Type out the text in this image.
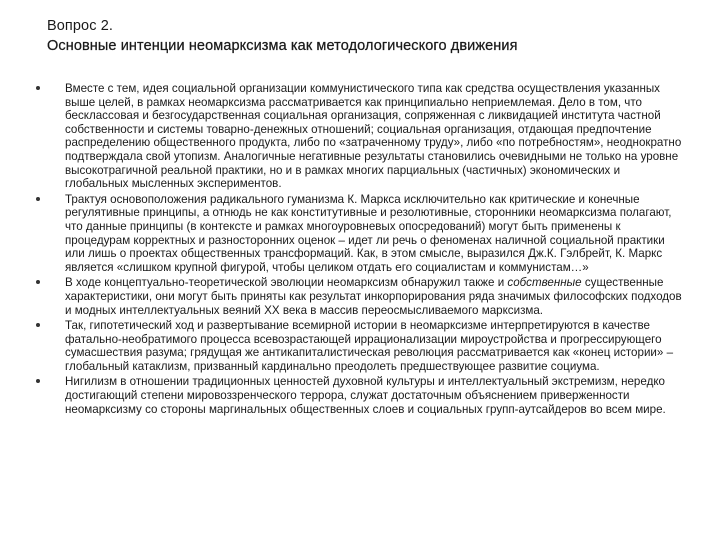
Вопрос 2.
Основные интенции неомарксизма как методологического движения
Вместе с тем, идея социальной организации коммунистического типа как средства осуществления указанных выше целей, в рамках неомарксизма рассматривается как принципиально неприемлемая. Дело в том, что бесклассовая и безгосударственная социальная организация, сопряженная с ликвидацией института частной собственности и системы товарно-денежных отношений; социальная организация, отдающая предпочтение распределению общественного продукта, либо по «затраченному труду», либо «по потребностям», неоднократно подтверждала свой утопизм. Аналогичные негативные результаты становились очевидными не только на уровне высокотрагичной реальной практики, но и в рамках многих парциальных (частичных) экономических и глобальных мысленных экспериментов.
Трактуя основоположения радикального гуманизма К. Маркса исключительно как критические и конечные регулятивные принципы, а отнюдь не как конститутивные и резолютивные, сторонники неомарксизма полагают, что данные принципы (в контексте и рамках многоуровневых опосредований) могут быть применены к процедурам корректных и разносторонних оценок – идет ли речь о феноменах наличной социальной практики или лишь о проектах общественных трансформаций. Как, в этом смысле, выразился Дж.К. Гэлбрейт, К. Маркс является «слишком крупной фигурой, чтобы целиком отдать его социалистам и коммунистам…»
В ходе концептуально-теоретической эволюции неомарксизм обнаружил также и собственные существенные характеристики, они могут быть приняты как результат инкорпорирования ряда значимых философских подходов и модных интеллектуальных веяний XX века в массив переосмысливаемого марксизма.
Так, гипотетический ход и развертывание всемирной истории в неомарксизме интерпретируются в качестве фатально-необратимого процесса всевозрастающей иррационализации мироустройства и прогрессирующего сумасшествия разума; грядущая же антикапиталистическая революция рассматривается как «конец истории» – глобальный катаклизм, призванный кардинально преодолеть предшествующее развитие социума.
Нигилизм в отношении традиционных ценностей духовной культуры и интеллектуальный экстремизм, нередко достигающий степени мировоззренческого террора, служат достаточным объяснением приверженности неомарксизму со стороны маргинальных общественных слоев и социальных групп-аутсайдеров во всем мире.
